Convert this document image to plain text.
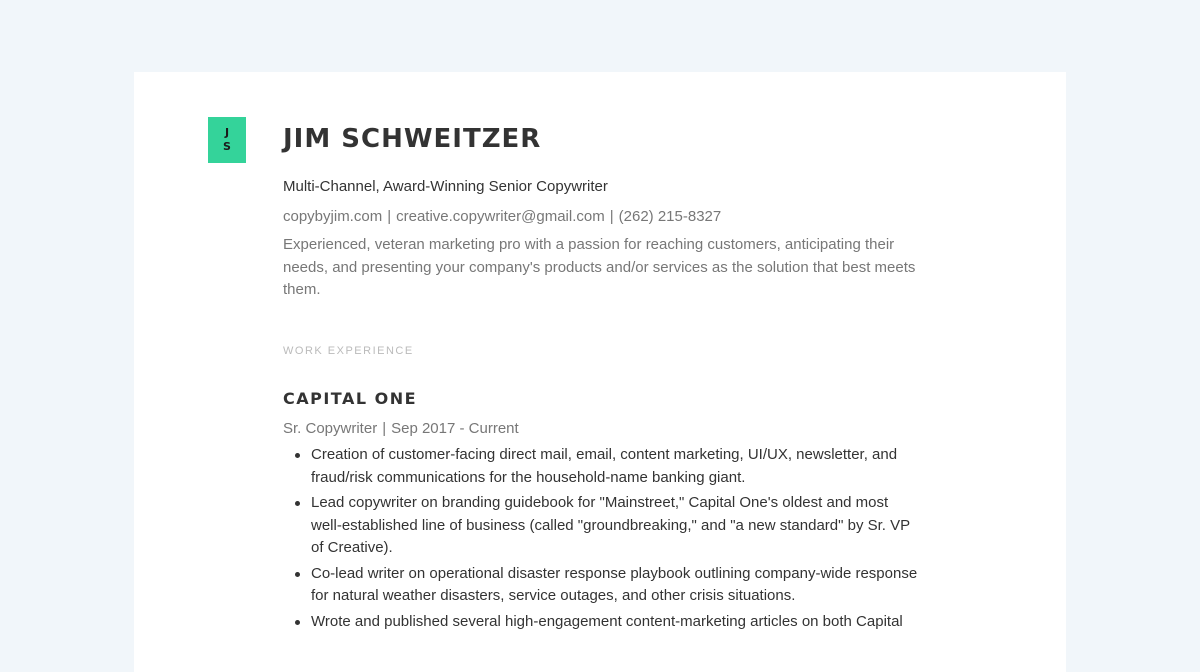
J
S	JIM SCHWEITZER
Multi-Channel, Award-Winning Senior Copywriter
copybyjim.com | creative.copywriter@gmail.com | (262) 215-8327
Experienced, veteran marketing pro with a passion for reaching customers, anticipating their needs, and presenting your company's products and/or services as the solution that best meets them.
WORK EXPERIENCE
CAPITAL ONE
Sr. Copywriter | Sep 2017 - Current
Creation of customer-facing direct mail, email, content marketing, UI/UX, newsletter, and fraud/risk communications for the household-name banking giant.
Lead copywriter on branding guidebook for "Mainstreet," Capital One's oldest and most well-established line of business (called "groundbreaking," and "a new standard" by Sr. VP of Creative).
Co-lead writer on operational disaster response playbook outlining company-wide response for natural weather disasters, service outages, and other crisis situations.
Wrote and published several high-engagement content-marketing articles on both Capital
